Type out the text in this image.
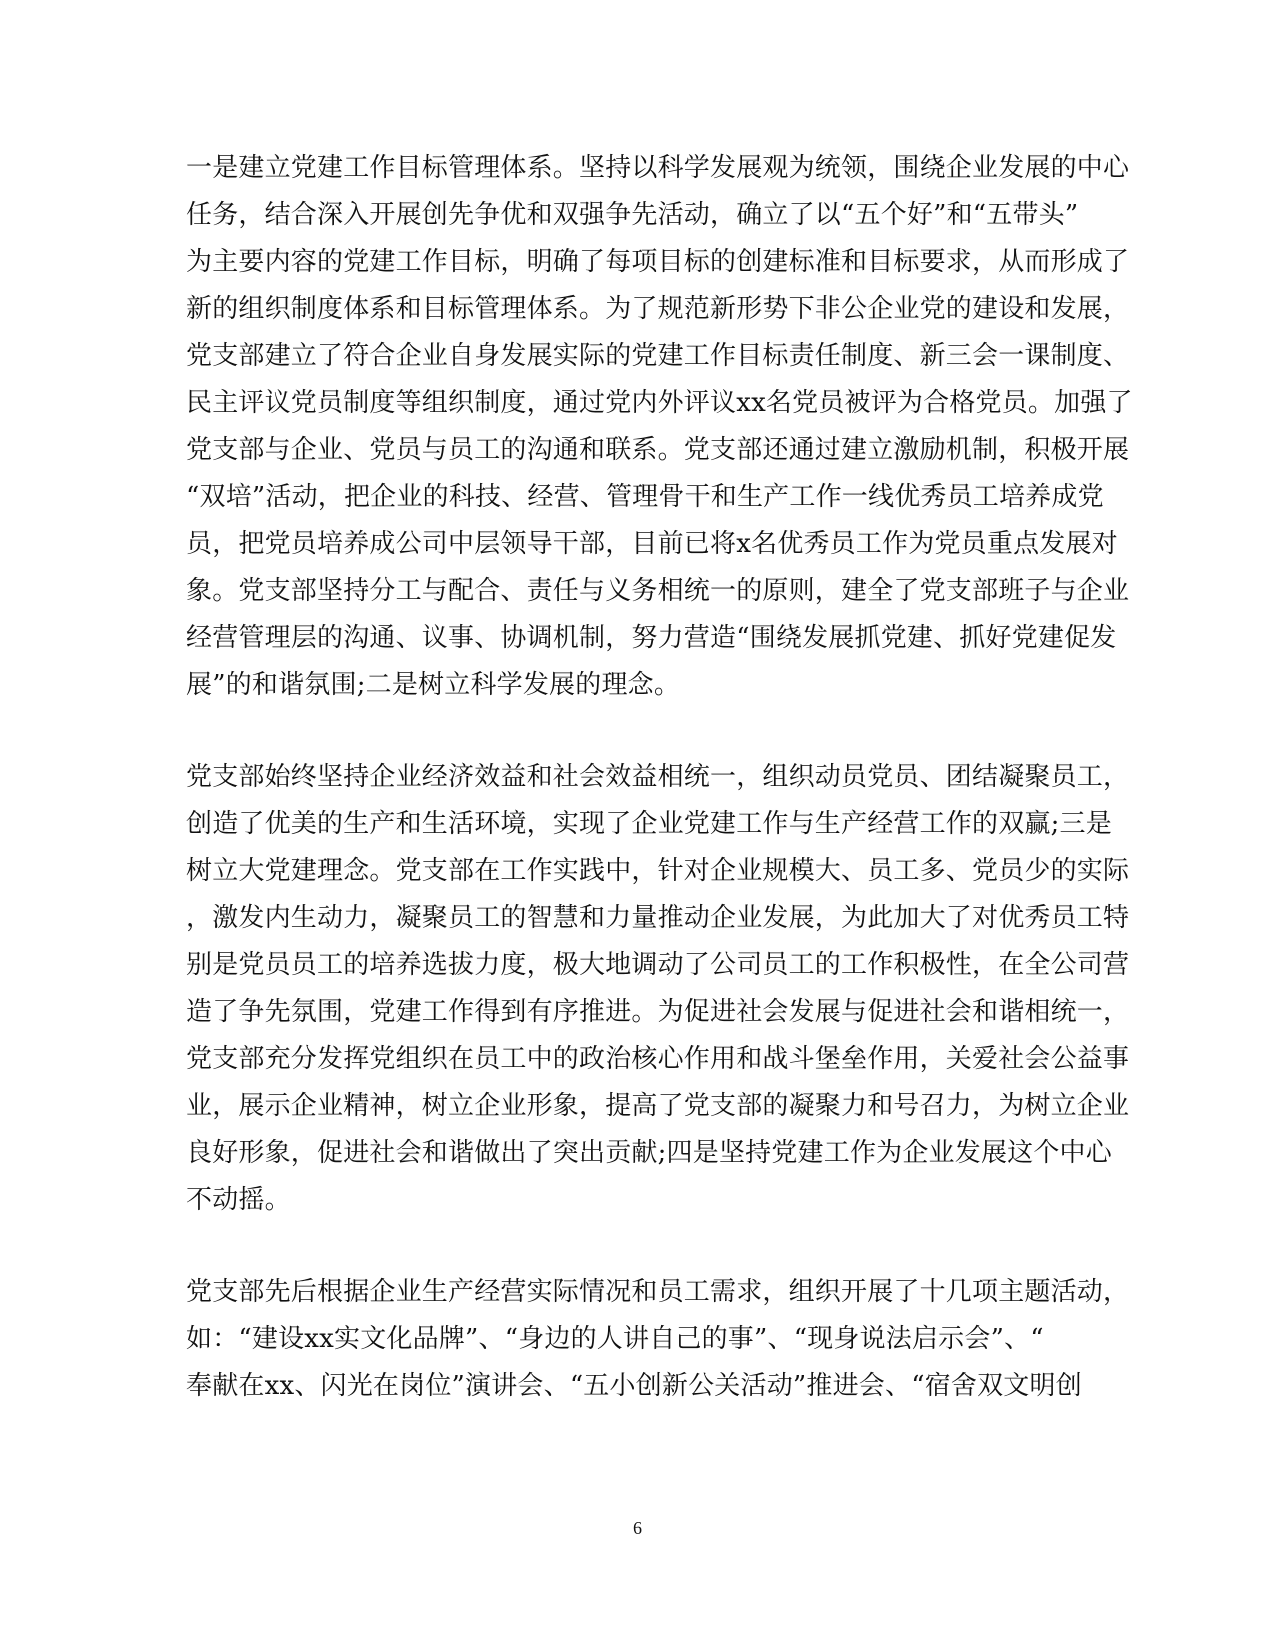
一是建立党建工作目标管理体系。坚持以科学发展观为统领，围绕企业发展的中心
任务，结合深入开展创先争优和双强争先活动，确立了以“五个好”和“五带头”
为主要内容的党建工作目标，明确了每项目标的创建标准和目标要求，从而形成了
新的组织制度体系和目标管理体系。为了规范新形势下非公企业党的建设和发展，
党支部建立了符合企业自身发展实际的党建工作目标责任制度、新三会一课制度、
民主评议党员制度等组织制度，通过党内外评议xx名党员被评为合格党员。加强了
党支部与企业、党员与员工的沟通和联系。党支部还通过建立激励机制，积极开展
“双培”活动，把企业的科技、经营、管理骨干和生产工作一线优秀员工培养成党
员，把党员培养成公司中层领导干部，目前已将x名优秀员工作为党员重点发展对
象。党支部坚持分工与配合、责任与义务相统一的原则，建全了党支部班子与企业
经营管理层的沟通、议事、协调机制，努力营造“围绕发展抓党建、抓好党建促发
展”的和谐氛围;二是树立科学发展的理念。
党支部始终坚持企业经济效益和社会效益相统一，组织动员党员、团结凝聚员工，
创造了优美的生产和生活环境，实现了企业党建工作与生产经营工作的双赢;三是
树立大党建理念。党支部在工作实践中，针对企业规模大、员工多、党员少的实际
，激发内生动力，凝聚员工的智慧和力量推动企业发展，为此加大了对优秀员工特
别是党员员工的培养选拔力度，极大地调动了公司员工的工作积极性，在全公司营
造了争先氛围，党建工作得到有序推进。为促进社会发展与促进社会和谐相统一，
党支部充分发挥党组织在员工中的政治核心作用和战斗堡垒作用，关爱社会公益事
业，展示企业精神，树立企业形象，提高了党支部的凝聚力和号召力，为树立企业
良好形象，促进社会和谐做出了突出贡献;四是坚持党建工作为企业发展这个中心
不动摇。
党支部先后根据企业生产经营实际情况和员工需求，组织开展了十几项主题活动，
如：“建设xx实文化品牌”、“身边的人讲自己的事”、“现身说法启示会”、“
奉献在xx、闪光在岗位”演讲会、“五小创新公关活动”推进会、“宿舍双文明创
6
